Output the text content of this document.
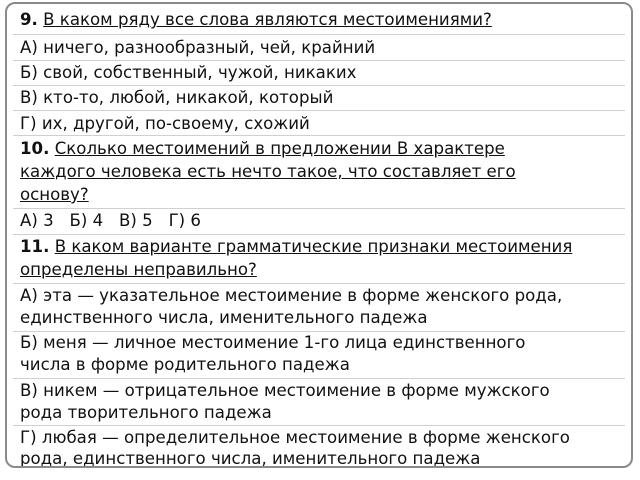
9. В каком ряду все слова являются местоимениями?

А) ничего, разнообразный, чей, крайний

Б) свой, собственный, чужой, никаких

В) кто-то, любой, никакой, который

Г) их, другой, по-своему, схожий

10. Сколько местоимений в предложении В характере

каждого человека есть нечто такое, что составляет его

основу?

А) 3 Б) 4 В) 5 Г) 6

11. В каком варианте грамматические признаки местоимения

определены неправильно?

А) эта — указательное местоимение в форме женского рода,

единственного числа, именительного падежа

Б) меня — личное местоимение 1-го лица единственного

числа в форме родительного падежа

В) никем — отрицательное местоимение в форме мужского

рода творительного падежа

Г) любая — определительное местоимение в форме женского

рода, единственного числа, именительного падежа
